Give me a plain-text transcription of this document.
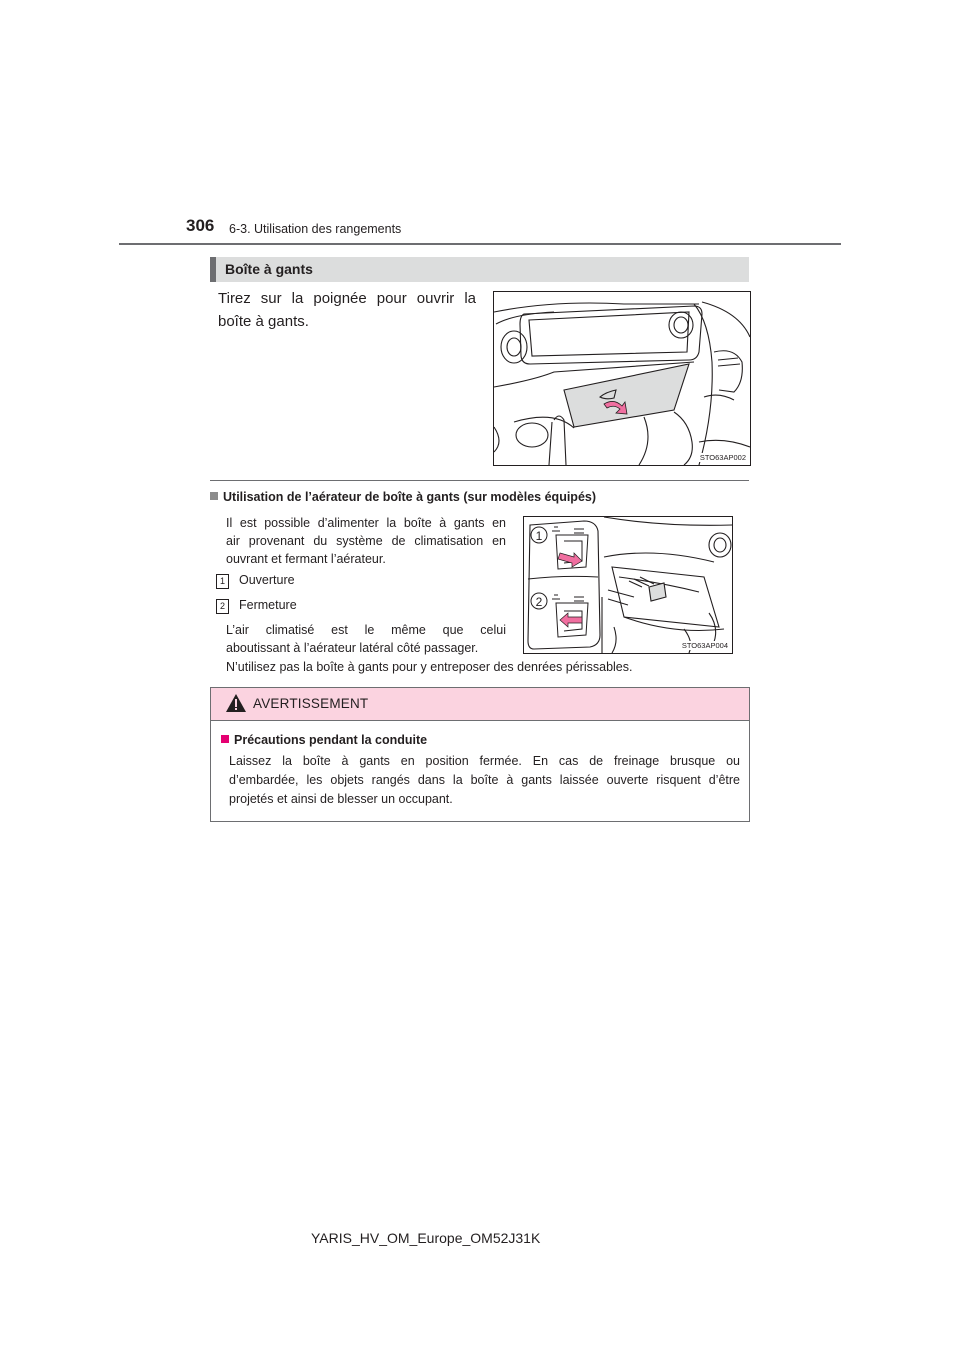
306 6-3. Utilisation des rangements
Boîte à gants
Tirez sur la poignée pour ouvrir la
boîte à gants.
STO63AP002
Utilisation de l’aérateur de boîte à gants (sur modèles équipés)
Il est possible d’alimenter la boîte à gants en
air provenant du système de climatisation en
ouvrant et fermant l’aérateur.
1 Ouverture
2 Fermeture
L’air climatisé est le même que celui
aboutissant à l’aérateur latéral côté passager.
N’utilisez pas la boîte à gants pour y entreposer des denrées périssables.
1
2
STO63AP004
AVERTISSEMENT
Précautions pendant la conduite
Laissez la boîte à gants en position fermée. En cas de freinage brusque ou
d’embardée, les objets rangés dans la boîte à gants laissée ouverte risquent d’être
projetés et ainsi de blesser un occupant.
YARIS_HV_OM_Europe_OM52J31K
